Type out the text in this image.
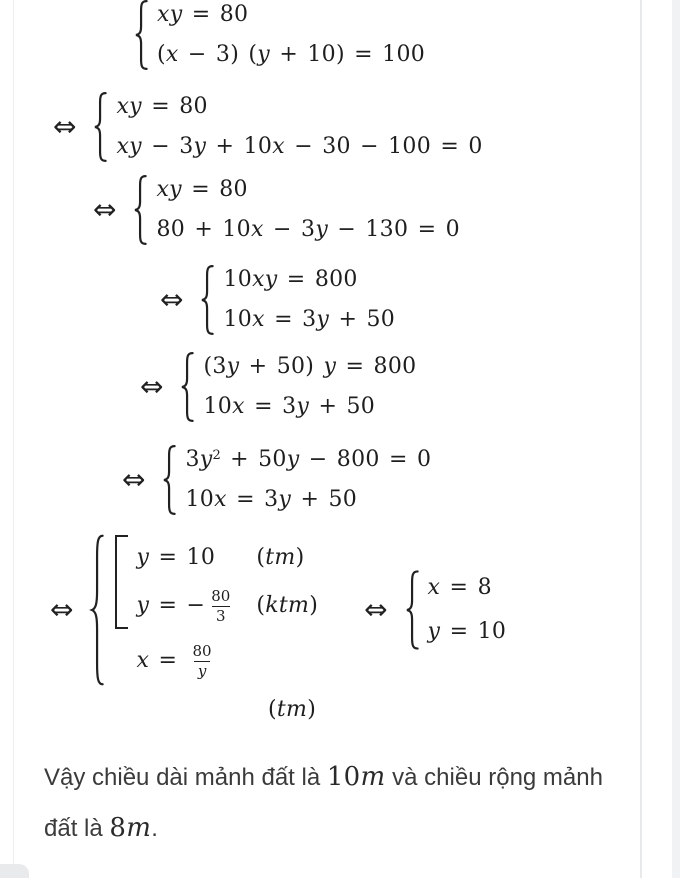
xy = 80
(x − 3) (y + 10) = 100
⇔
xy = 80
xy − 3y + 10x − 30 − 100 = 0
⇔
xy = 80
80 + 10x − 3y − 130 = 0
⇔
10xy = 800
10x = 3y + 50
⇔
(3y + 50) y = 800
10x = 3y + 50
⇔
$3y^2 + 50y - 800 = 0$
10x = 3y + 50
⇔
y = 10	(tm)
y = − $\frac{80}{3} (ktm)$
$x = \frac{80}{y}$
⇔
x = 8
y = 10
(tm)

Vậy chiều dài mảnh đất là 10m và chiều rộng mảnh đất là 8m.
